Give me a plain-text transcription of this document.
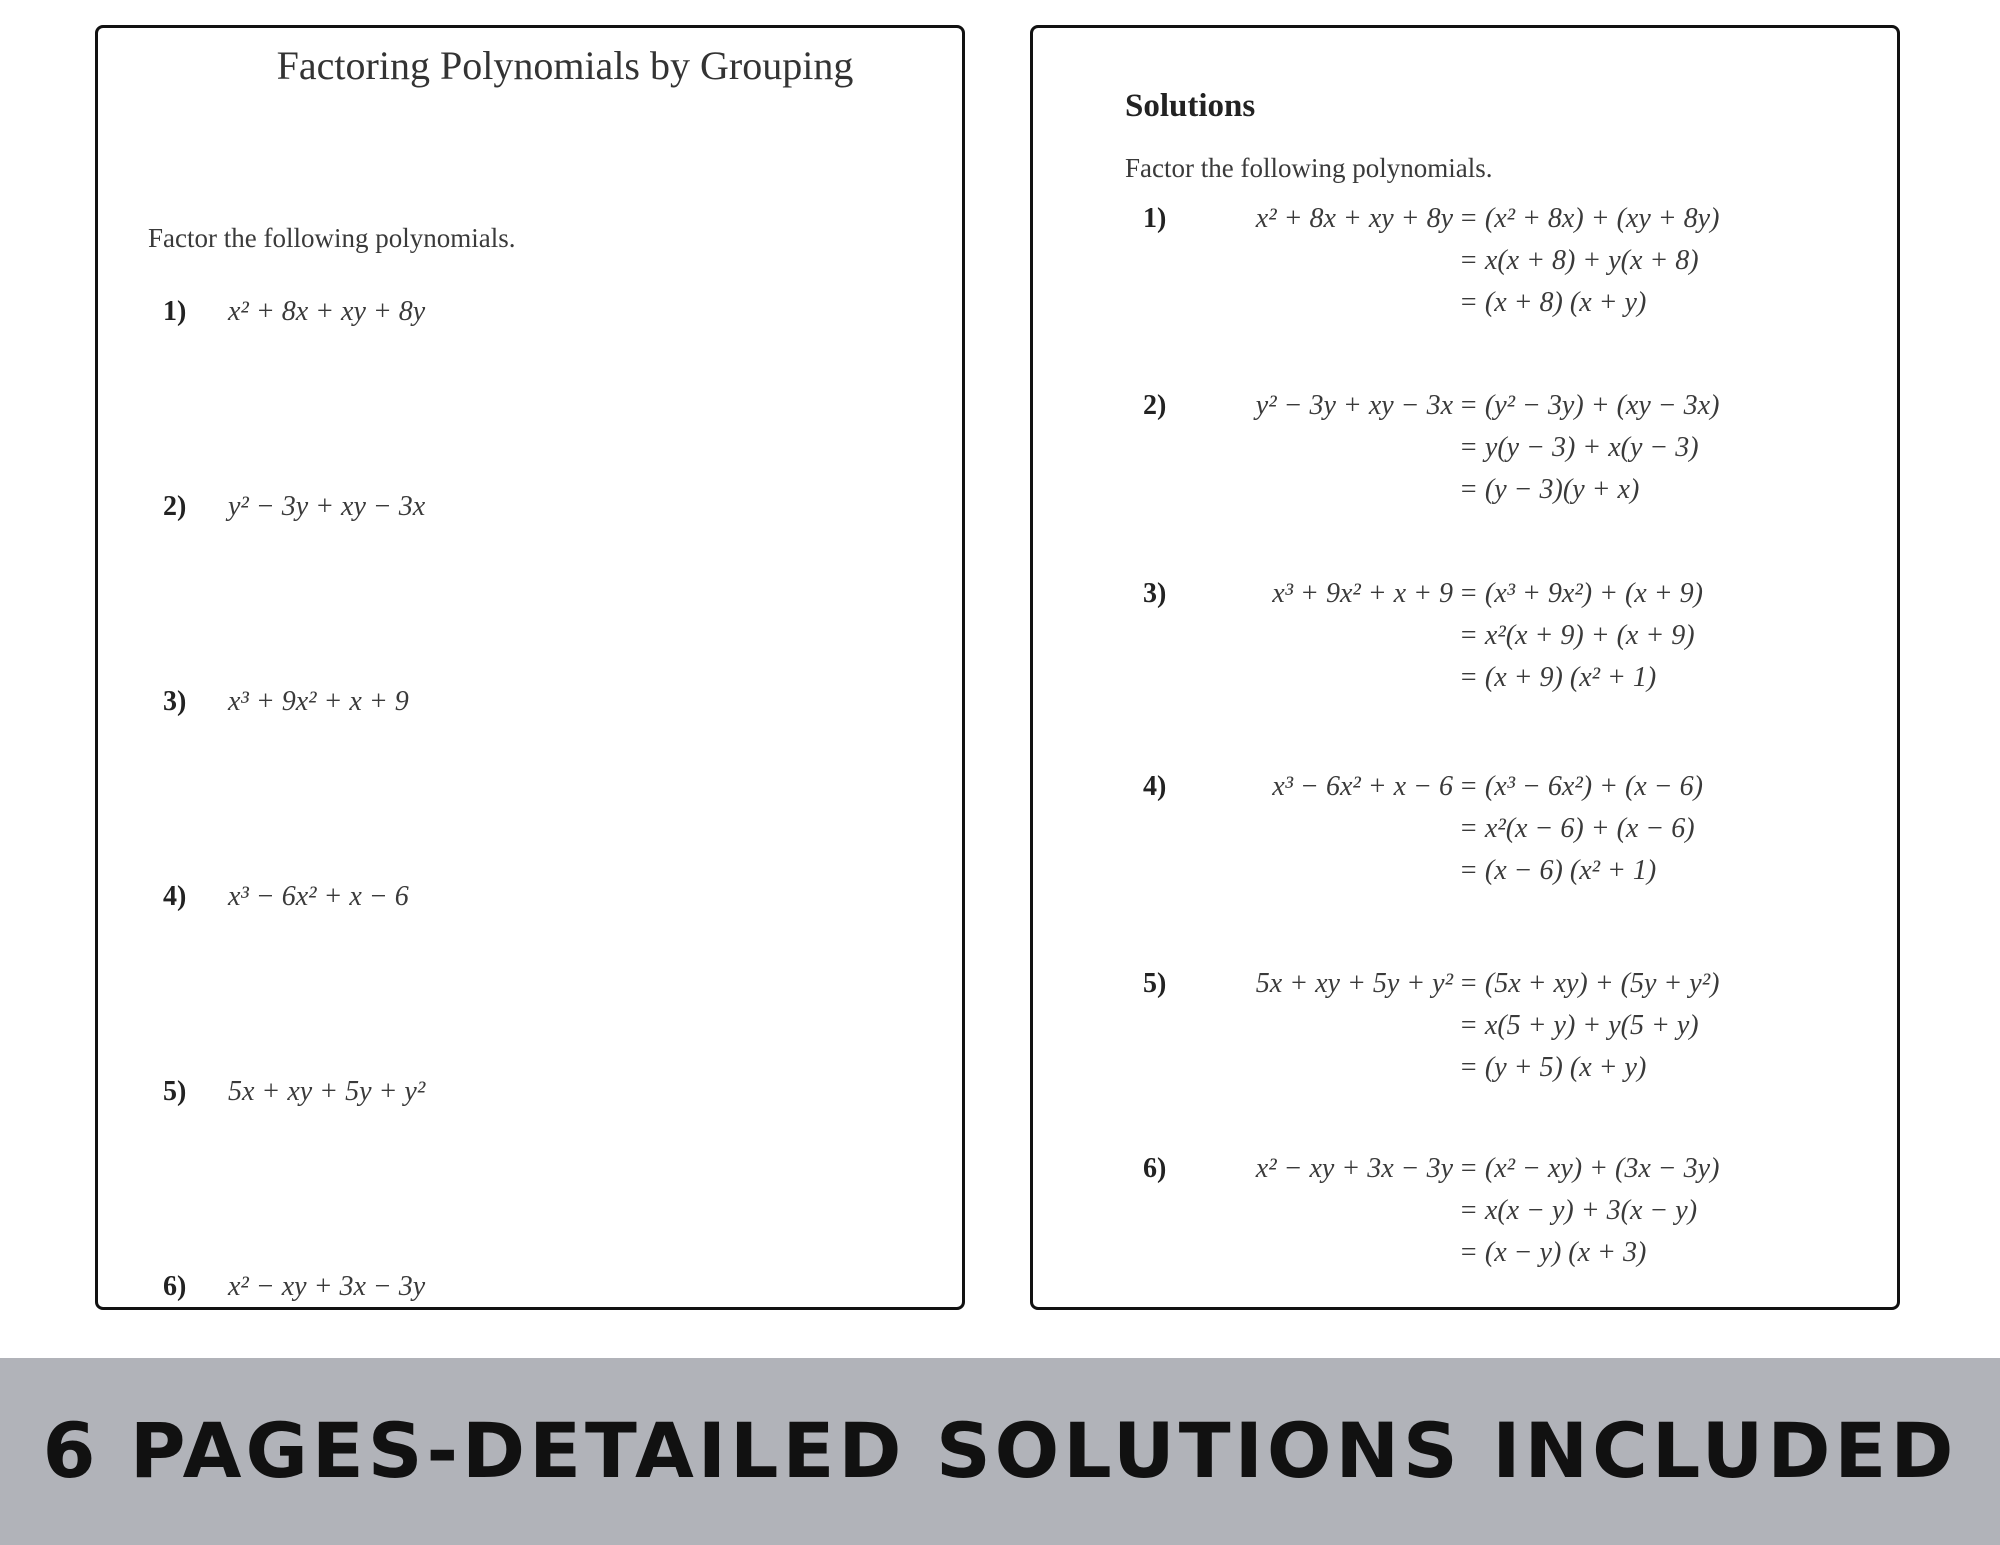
Factoring Polynomials by Grouping
Factor the following polynomials.
1) x² + 8x + xy + 8y
2) y² − 3y + xy − 3x
3) x³ + 9x² + x + 9
4) x³ − 6x² + x − 6
5) 5x + xy + 5y + y²
6) x² − xy + 3x − 3y
Solutions
Factor the following polynomials.
1)	x² + 8x + xy + 8y = (x² + 8x) + (xy + 8y)
= x(x + 8) + y(x + 8)
= (x + 8) (x + y)
2)	y² − 3y + xy − 3x = (y² − 3y) + (xy − 3x)
= y(y − 3) + x(y − 3)
= (y − 3)(y + x)
3)	x³ + 9x² + x + 9 = (x³ + 9x²) + (x + 9)
= x²(x + 9) + (x + 9)
= (x + 9) (x² + 1)
4)	x³ − 6x² + x − 6 = (x³ − 6x²) + (x − 6)
= x²(x − 6) + (x − 6)
= (x − 6) (x² + 1)
5)	5x + xy + 5y + y² = (5x + xy) + (5y + y²)
= x(5 + y) + y(5 + y)
= (y + 5) (x + y)
6)	x² − xy + 3x − 3y = (x² − xy) + (3x − 3y)
= x(x − y) + 3(x − y)
= (x − y) (x + 3)
6 PAGES-DETAILED SOLUTIONS INCLUDED
